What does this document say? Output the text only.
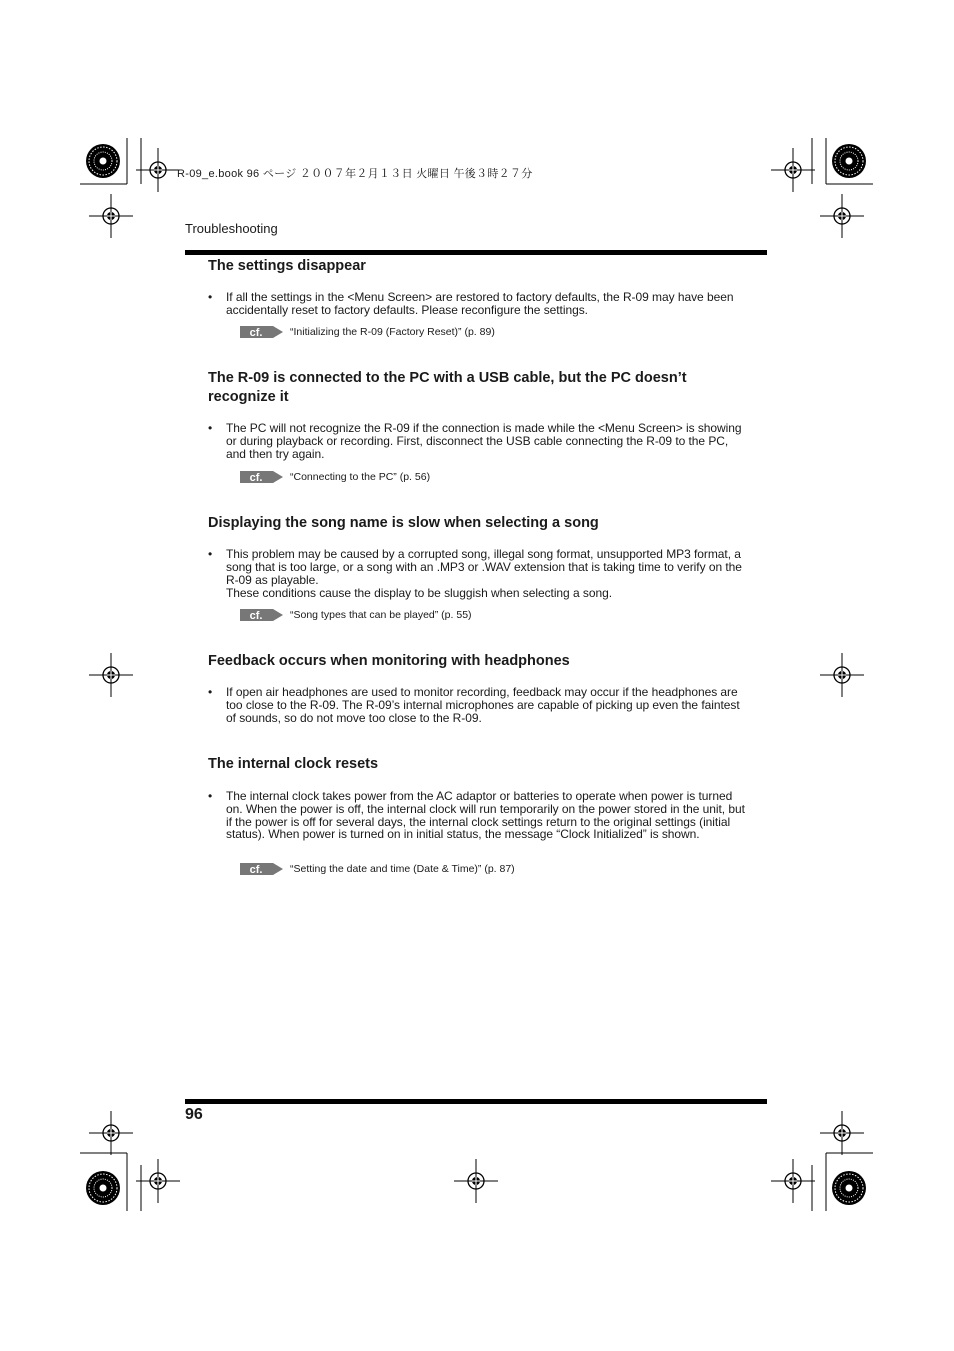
R-09_e.book 96 ページ ２００７年２月１３日 火曜日 午後３時２７分
Troubleshooting
The settings disappear
• If all the settings in the <Menu Screen> are restored to factory defaults, the R-09 may have been accidentally reset to factory defaults. Please reconfigure the settings.
cf.	“Initializing the R-09 (Factory Reset)” (p. 89)
The R-09 is connected to the PC with a USB cable, but the PC doesn’t recognize it
• The PC will not recognize the R-09 if the connection is made while the <Menu Screen> is showing or during playback or recording. First, disconnect the USB cable connecting the R-09 to the PC, and then try again.
cf.	“Connecting to the PC” (p. 56)
Displaying the song name is slow when selecting a song
• This problem may be caused by a corrupted song, illegal song format, unsupported MP3 format, a song that is too large, or a song with an .MP3 or .WAV extension that is taking time to verify on the R-09 as playable.
These conditions cause the display to be sluggish when selecting a song.
cf.	“Song types that can be played” (p. 55)
Feedback occurs when monitoring with headphones
• If open air headphones are used to monitor recording, feedback may occur if the headphones are too close to the R-09. The R-09’s internal microphones are capable of picking up even the faintest of sounds, so do not move too close to the R-09.
The internal clock resets
• The internal clock takes power from the AC adaptor or batteries to operate when power is turned on. When the power is off, the internal clock will run temporarily on the power stored in the unit, but if the power is off for several days, the internal clock settings return to the original settings (initial status). When power is turned on in initial status, the message “Clock Initialized” is shown.
cf.	“Setting the date and time (Date & Time)” (p. 87)
96
